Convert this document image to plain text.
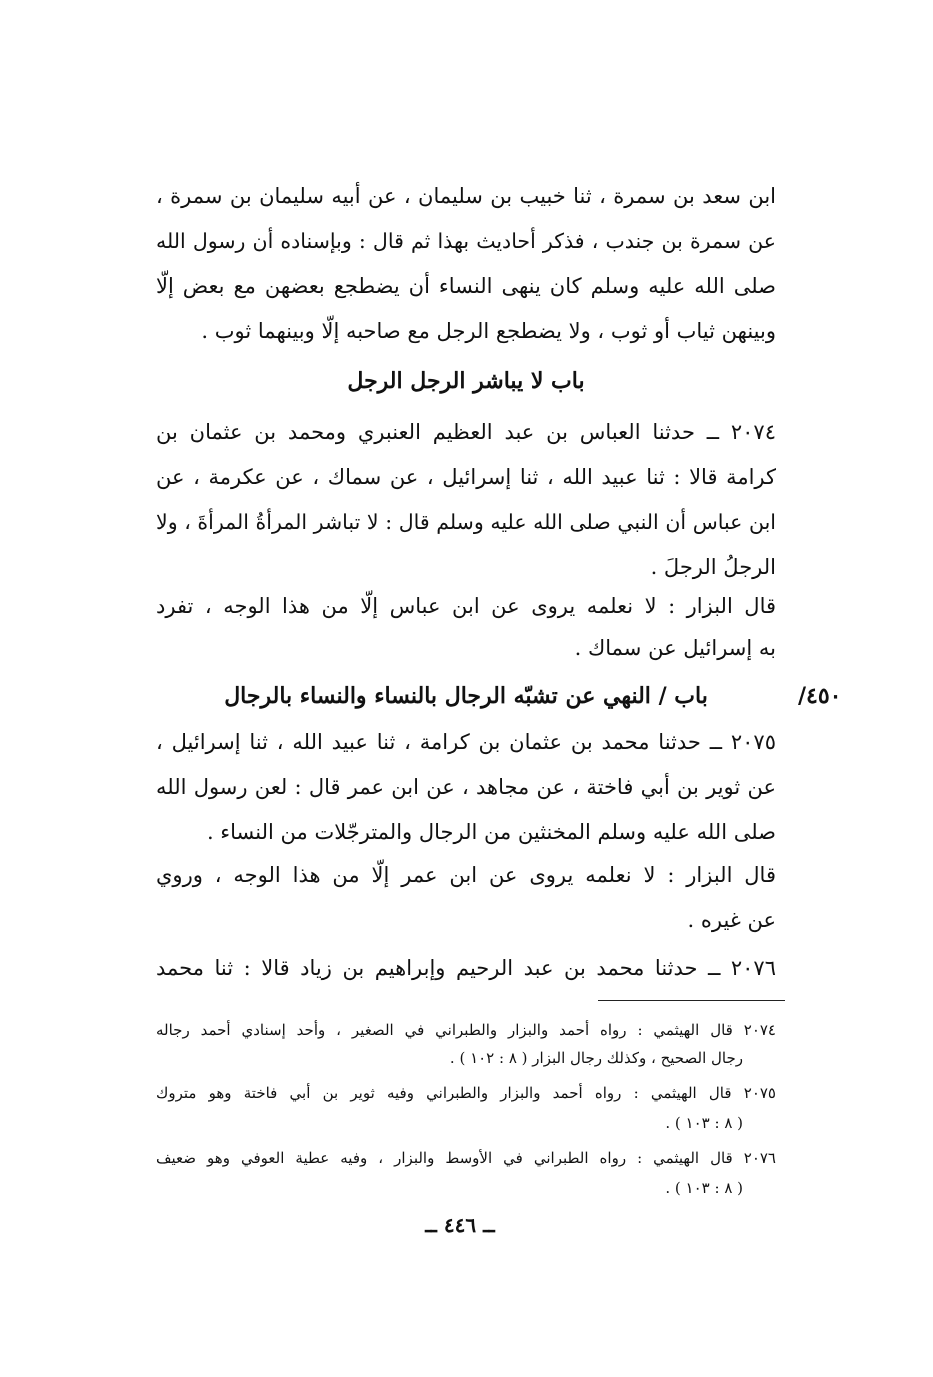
ابن سعد بن سمرة ، ثنا خبيب بن سليمان ، عن أبيه سليمان بن سمرة ،
عن سمرة بن جندب ، فذكر أحاديث بهذا ثم قال : وبإسناده أن رسول الله
صلى الله عليه وسلم كان ينهى النساء أن يضطجع بعضهن مع بعض إلّا
وبينهن ثياب أو ثوب ، ولا يضطجع الرجل مع صاحبه إلّا وبينهما ثوب .
باب لا يباشر الرجل الرجل
٢٠٧٤ ــ حدثنا العباس بن عبد العظيم العنبري ومحمد بن عثمان بن
كرامة قالا : ثنا عبيد الله ، ثنا إسرائيل ، عن سماك ، عن عكرمة ، عن
ابن عباس أن النبي صلى الله عليه وسلم قال : لا تباشر المرأةُ المرأةَ ، ولا
الرجلُ الرجلَ .
قال البزار : لا نعلمه يروى عن ابن عباس إلّا من هذا الوجه ، تفرد
به إسرائيل عن سماك .
٤٥٠/
باب / النهي عن تشبّه الرجال بالنساء والنساء بالرجال
٢٠٧٥ ــ حدثنا محمد بن عثمان بن كرامة ، ثنا عبيد الله ، ثنا إسرائيل ،
عن ثوير بن أبي فاختة ، عن مجاهد ، عن ابن عمر قال : لعن رسول الله
صلى الله عليه وسلم المخنثين من الرجال والمترجّلات من النساء .
قال البزار : لا نعلمه يروى عن ابن عمر إلّا من هذا الوجه ، وروي
عن غيره .
٢٠٧٦ ــ حدثنا محمد بن عبد الرحيم وإبراهيم بن زياد قالا : ثنا محمد
٢٠٧٤ قال الهيثمي : رواه أحمد والبزار والطبراني في الصغير ، وأحد إسنادي أحمد رجاله
رجال الصحيح ، وكذلك رجال البزار ( ٨ : ١٠٢ ) .
٢٠٧٥ قال الهيثمي : رواه أحمد والبزار والطبراني وفيه ثوير بن أبي فاختة وهو متروك
( ٨ : ١٠٣ ) .
٢٠٧٦ قال الهيثمي : رواه الطبراني في الأوسط والبزار ، وفيه عطية العوفي وهو ضعيف
( ٨ : ١٠٣ ) .
ــ ٤٤٦ ــ
